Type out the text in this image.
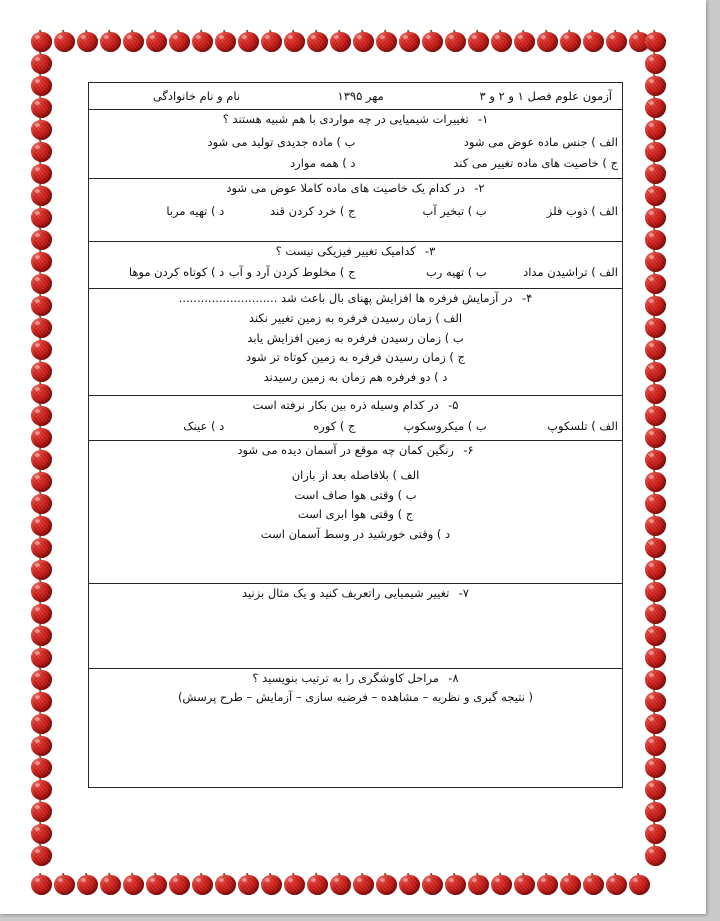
آزمون علوم فصل ۱ و ۲ و ۳
مهر ۱۳۹۵
نام و نام خانوادگی

۱- تغییرات شیمیایی در چه مواردی با هم شبیه هستند ؟
الف ) جنس ماده عوض می شود
ب ) ماده جدیدی تولید می شود
ج ) خاصیت های ماده تغییر می کند
د ) همه موارد

۲- در کدام یک خاصیت های ماده کاملا عوض می شود
الف ) ذوب فلز
ب ) تبخیر آب
ج ) خرد کردن قند
د ) تهیه مربا

۳- کدامیک تغییر فیزیکی نیست ؟
الف ) تراشیدن مداد
ب ) تهیه رب
ج ) مخلوط کردن آرد و آب
د ) کوتاه کردن موها

۴- در آزمایش فرفره ها افزایش پهنای بال باعث شد ...........................
الف ) زمان رسیدن فرفره به زمین تغییر نکند
ب ) زمان رسیدن فرفره به زمین افزایش یابد
ج ) زمان رسیدن فرفره به زمین کوتاه تر شود
د ) دو فرفره هم زمان به زمین رسیدند

۵- در کدام وسیله ذره بین بکار نرفته است
الف ) تلسکوپ
ب ) میکروسکوپ
ج ) کوره
د ) عینک

۶- رنگین کمان چه موقع در آسمان دیده می شود
الف ) بلافاصله بعد از باران
ب ) وقتی هوا صاف است
ج ) وقتی هوا ابری است
د ) وقتی خورشید در وسط آسمان است

۷- تغییر شیمیایی راتعریف کنید و یک مثال بزنید

۸- مراحل کاوشگری را به ترتیب بنویسید ؟
( نتیجه گیری و نظریه – مشاهده – فرضیه سازی – آزمایش – طرح پرسش)
